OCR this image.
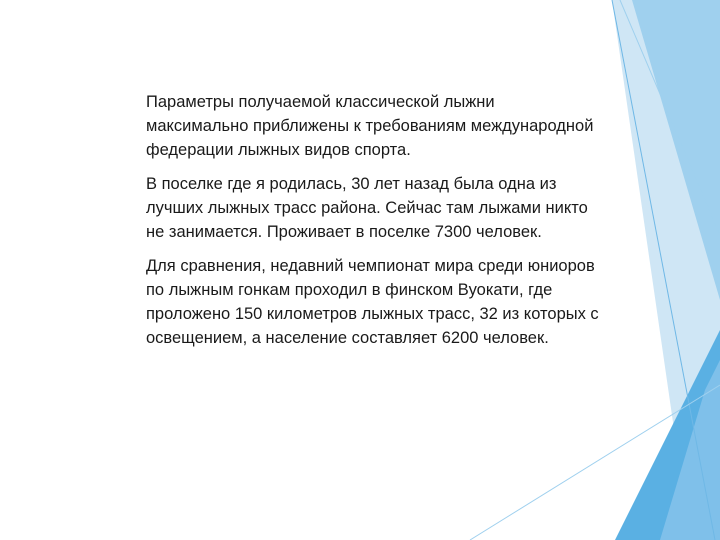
Параметры получаемой классической лыжни максимально приближены к требованиям международной федерации лыжных видов спорта.

В поселке где я родилась, 30 лет назад была одна из лучших лыжных трасс района. Сейчас там лыжами никто не занимается. Проживает в поселке 7300 человек.

Для сравнения, недавний чемпионат мира среди юниоров по лыжным гонкам проходил в финском Вуокати, где проложено 150 километров лыжных трасс, 32 из которых с освещением, а население составляет 6200 человек.
